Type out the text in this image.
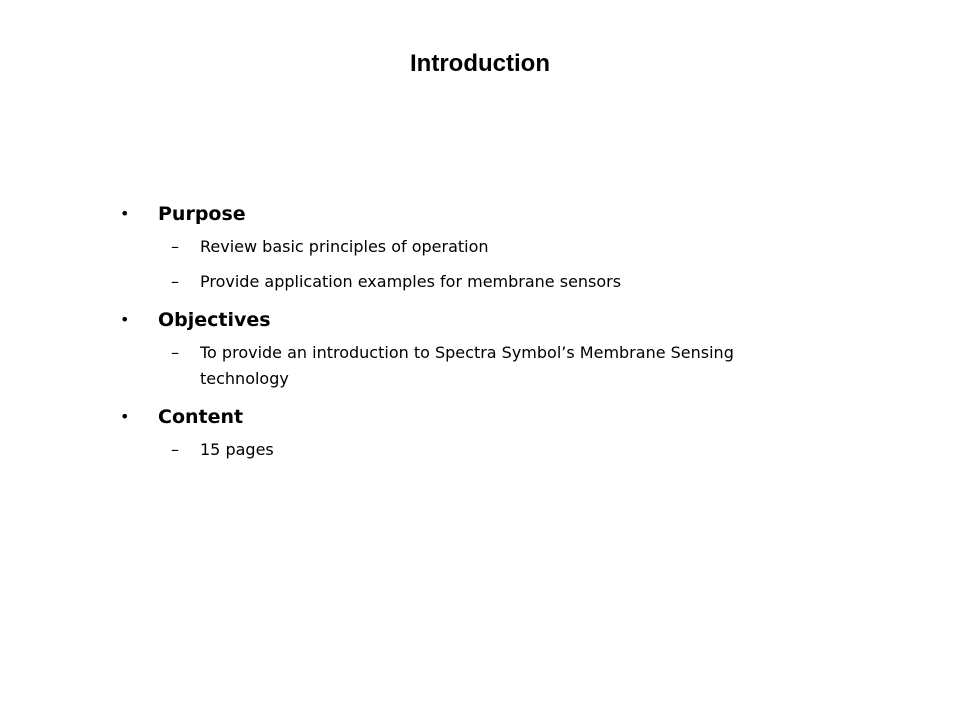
Introduction
• Purpose
– Review basic principles of operation
– Provide application examples for membrane sensors
• Objectives
– To provide an introduction to Spectra Symbol’s Membrane Sensing technology
• Content
– 15 pages
